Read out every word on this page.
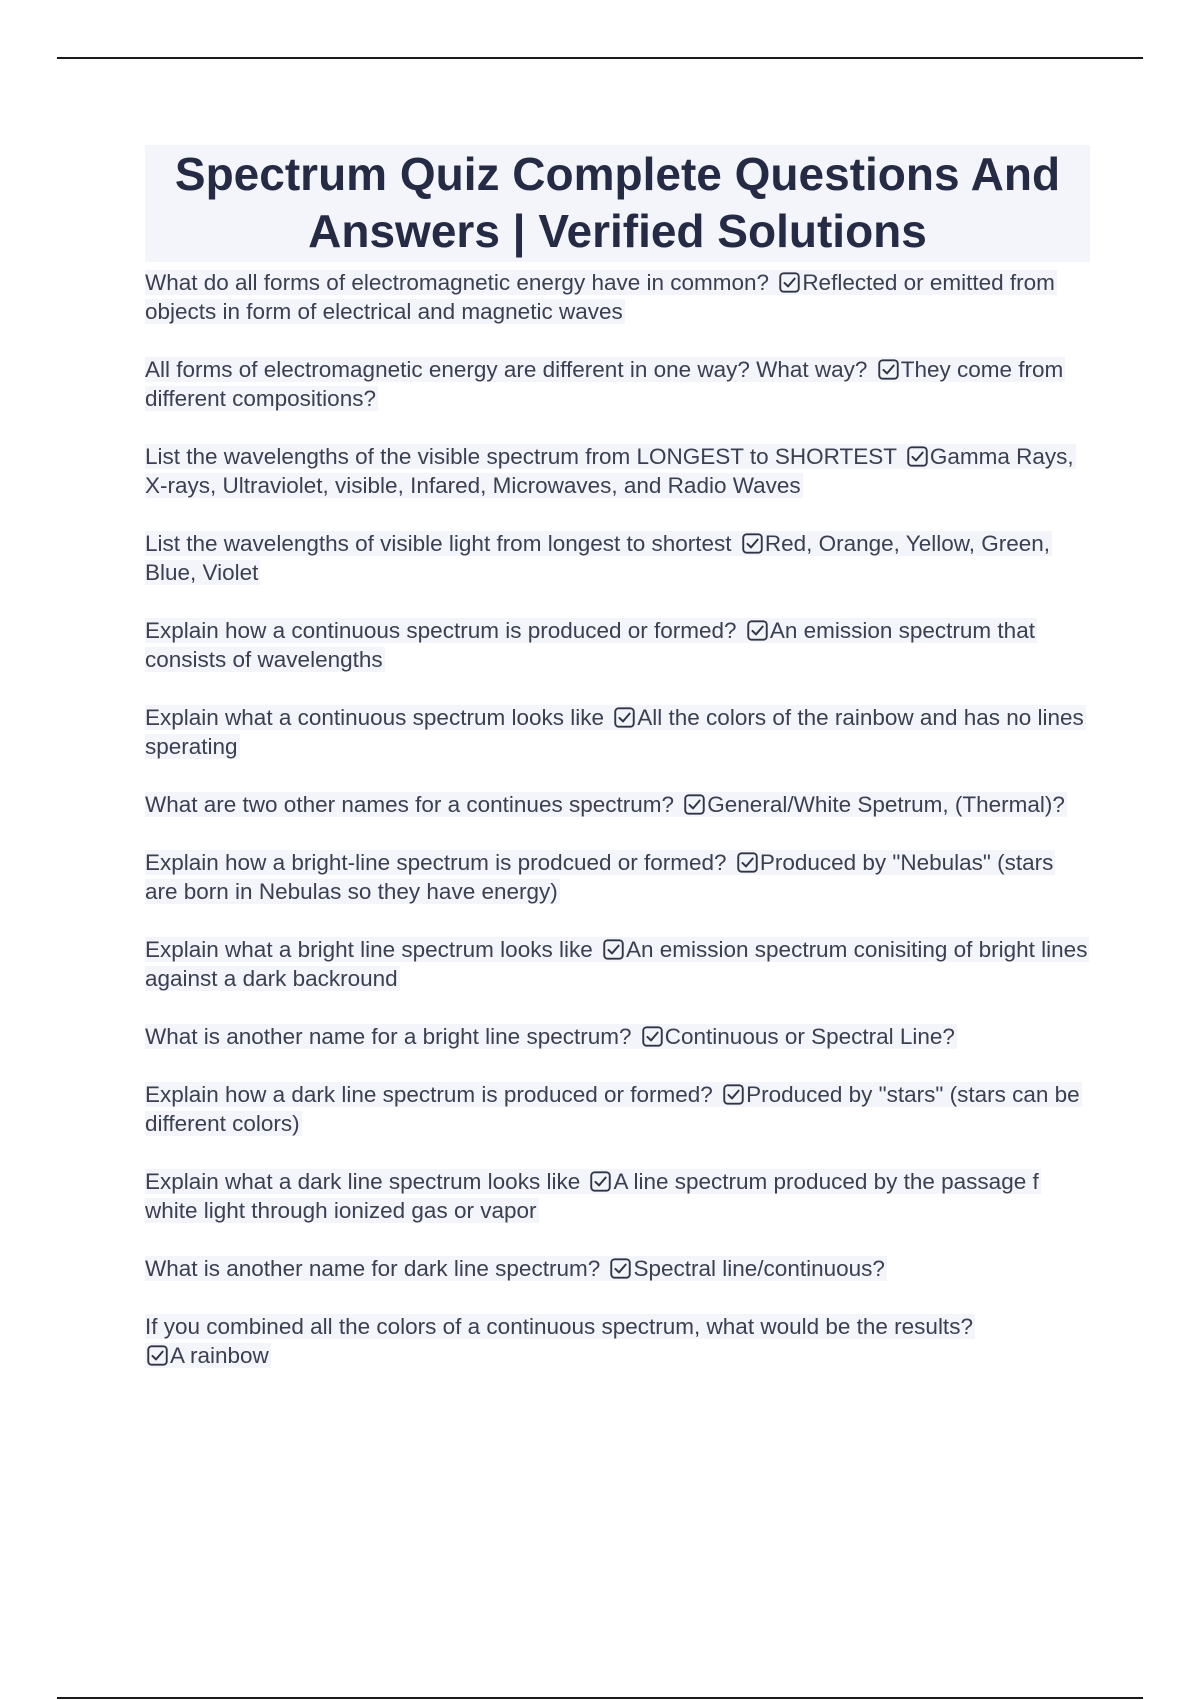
Spectrum Quiz Complete Questions And Answers | Verified Solutions
What do all forms of electromagnetic energy have in common? Reflected or emitted from objects in form of electrical and magnetic waves
All forms of electromagnetic energy are different in one way? What way? They come from different compositions?
List the wavelengths of the visible spectrum from LONGEST to SHORTEST Gamma Rays, X-rays, Ultraviolet, visible, Infared, Microwaves, and Radio Waves
List the wavelengths of visible light from longest to shortest Red, Orange, Yellow, Green, Blue, Violet
Explain how a continuous spectrum is produced or formed? An emission spectrum that consists of wavelengths
Explain what a continuous spectrum looks like All the colors of the rainbow and has no lines sperating
What are two other names for a continues spectrum? General/White Spetrum, (Thermal)?
Explain how a bright-line spectrum is prodcued or formed? Produced by "Nebulas" (stars are born in Nebulas so they have energy)
Explain what a bright line spectrum looks like An emission spectrum conisiting of bright lines against a dark backround
What is another name for a bright line spectrum? Continuous or Spectral Line?
Explain how a dark line spectrum is produced or formed? Produced by "stars" (stars can be different colors)
Explain what a dark line spectrum looks like A line spectrum produced by the passage f white light through ionized gas or vapor
What is another name for dark line spectrum? Spectral line/continuous?
If you combined all the colors of a continuous spectrum, what would be the results?
A rainbow
